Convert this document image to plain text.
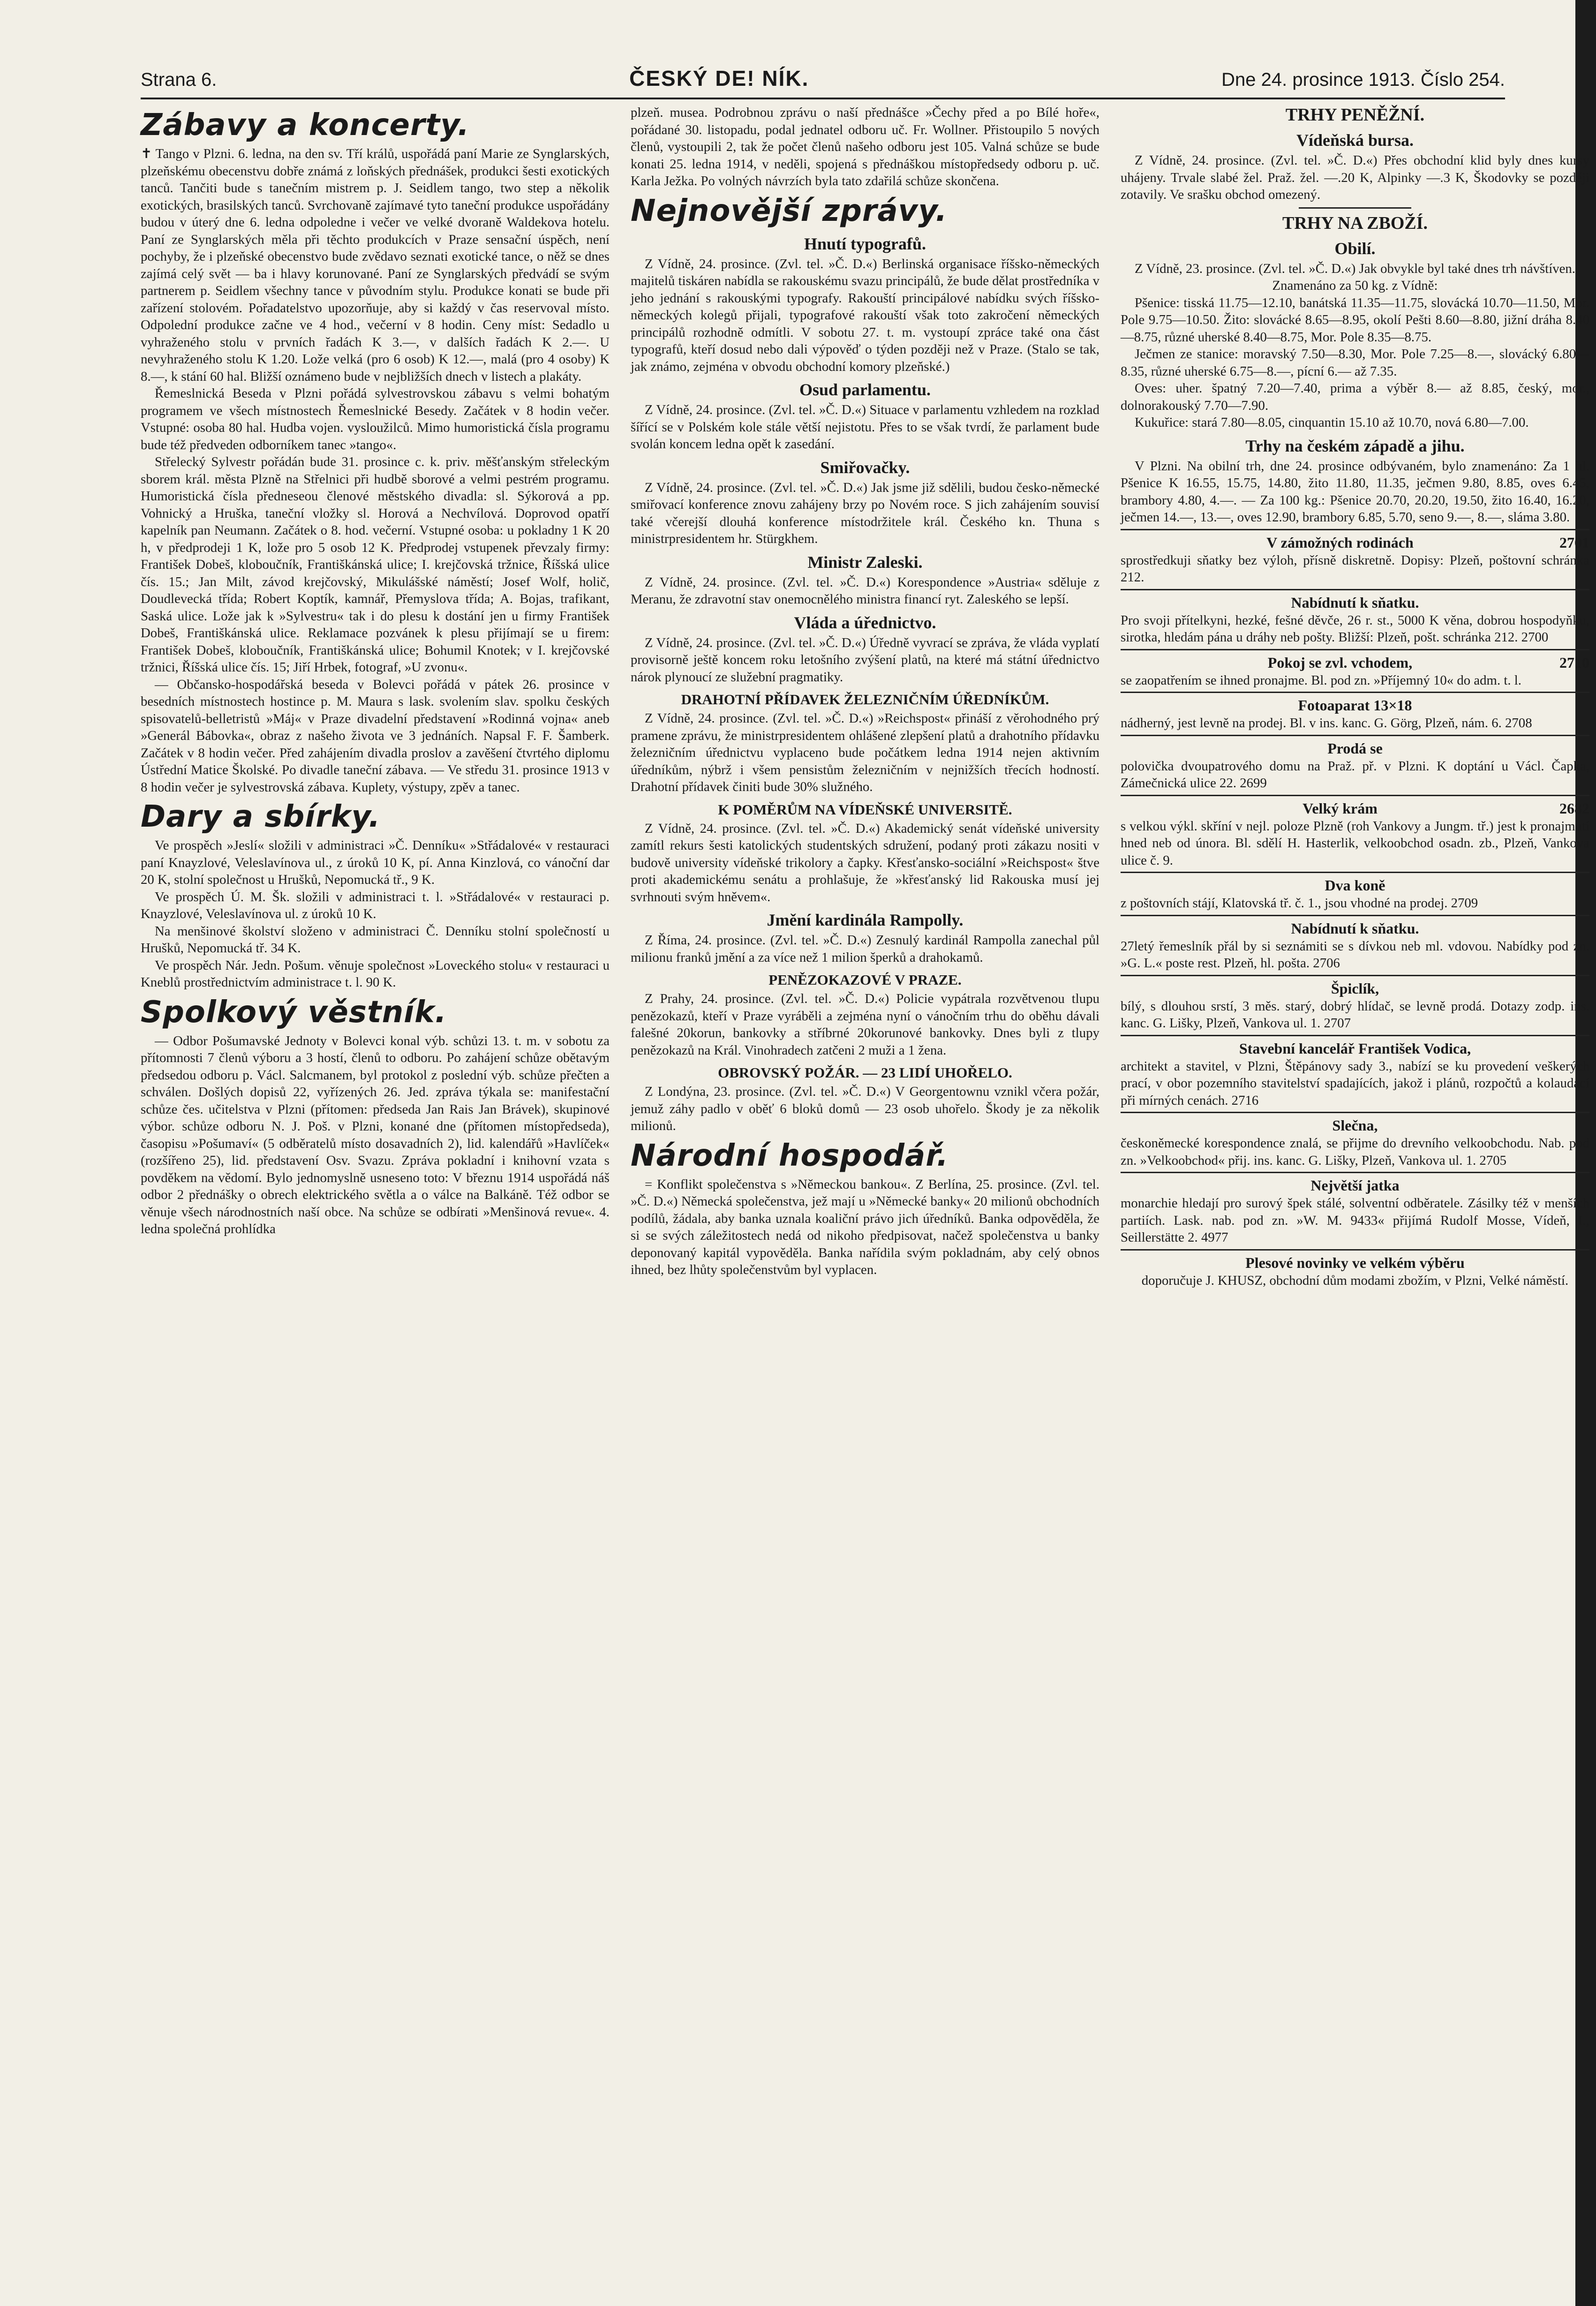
Strana 6.	ČESKÝ DE! NÍK.	Dne 24. prosince 1913. Číslo 254.
Zábavy a koncerty.

✝ Tango v Plzni. 6. ledna, na den sv. Tří králů, uspořádá paní Marie ze Synglarských, plzeňskému obecenstvu dobře známá z loňských přednášek, produkci šesti exotických tanců. Tančiti bude s tanečním mistrem p. J. Seidlem tango, two step a několik exotických, brasilských tanců. Svrchovaně zajímavé tyto taneční produkce uspořádány budou v úterý dne 6. ledna odpoledne i večer ve velké dvoraně Waldekova hotelu. Paní ze Synglarských měla při těchto produkcích v Praze sensační úspěch, není pochyby, že i plzeňské obecenstvo bude zvědavo seznati exotické tance, o něž se dnes zajímá celý svět — ba i hlavy korunované. Paní ze Synglarských předvádí se svým partnerem p. Seidlem všechny tance v původním stylu. Produkce konati se bude při zařízení stolovém. Pořadatelstvo upozorňuje, aby si každý v čas reservoval místo. Odpolední produkce začne ve 4 hod., večerní v 8 hodin. Ceny míst: Sedadlo u vyhraženého stolu v prvních řadách K 3.—, v dalších řadách K 2.—. U nevyhraženého stolu K 1.20. Lože velká (pro 6 osob) K 12.—, malá (pro 4 osoby) K 8.—, k stání 60 hal. Bližší oznámeno bude v nejbližších dnech v listech a plakáty.

Řemeslnická Beseda v Plzni pořádá sylvestrovskou zábavu s velmi bohatým programem ve všech místnostech Řemeslnické Besedy. Začátek v 8 hodin večer. Vstupné: osoba 80 hal. Hudba vojen. vysloužilců. Mimo humoristická čísla programu bude též předveden odborníkem tanec »tango«.

Střelecký Sylvestr pořádán bude 31. prosince c. k. priv. měšťanským střeleckým sborem král. města Plzně na Střelnici při hudbě sborové a velmi pestrém programu. Humoristická čísla předneseou členové městského divadla: sl. Sýkorová a pp. Vohnický a Hruška, taneční vložky sl. Horová a Nechvílová. Doprovod opatří kapelník pan Neumann. Začátek o 8. hod. večerní. Vstupné osoba: u pokladny 1 K 20 h, v předprodeji 1 K, lože pro 5 osob 12 K. Předprodej vstupenek převzaly firmy: František Dobeš, kloboučník, Františkánská ulice; I. krejčovská tržnice, Říšská ulice čís. 15.; Jan Milt, závod krejčovský, Mikulášské náměstí; Josef Wolf, holič, Doudlevecká třída; Robert Koptík, kamnář, Přemyslova třída; A. Bojas, trafikant, Saská ulice. Lože jak k »Sylvestru« tak i do plesu k dostání jen u firmy František Dobeš, Františkánská ulice. Reklamace pozvánek k plesu přijímají se u firem: František Dobeš, kloboučník, Františkánská ulice; Bohumil Knotek; v I. krejčovské tržnici, Říšská ulice čís. 15; Jiří Hrbek, fotograf, »U zvonu«.

— Občansko-hospodářská beseda v Bolevci pořádá v pátek 26. prosince v besedních místnostech hostince p. M. Maura s lask. svolením slav. spolku českých spisovatelů-belletristů »Máj« v Praze divadelní představení »Rodinná vojna« aneb »Generál Bábovka«, obraz z našeho života ve 3 jednáních. Napsal F. F. Šamberk. Začátek v 8 hodin večer. Před zahájením divadla proslov a zavěšení čtvrtého diplomu Ústřední Matice Školské. Po divadle taneční zábava. — Ve středu 31. prosince 1913 v 8 hodin večer je sylvestrovská zábava. Kuplety, výstupy, zpěv a tanec.

Dary a sbírky.

Ve prospěch »Jeslí« složili v administraci »Č. Denníku« »Střádalové« v restauraci paní Knayzlové, Veleslavínova ul., z úroků 10 K, pí. Anna Kinzlová, co vánoční dar 20 K, stolní společnost u Hrušků, Nepomucká tř., 9 K.

Ve prospěch Ú. M. Šk. složili v administraci t. l. »Střádalové« v restauraci p. Knayzlové, Veleslavínova ul. z úroků 10 K.

Na menšinové školství složeno v administraci Č. Denníku stolní společností u Hrušků, Nepomucká tř. 34 K.

Ve prospěch Nár. Jedn. Pošum. věnuje společnost »Loveckého stolu« v restauraci u Kneblů prostřednictvím administrace t. l. 90 K.

Spolkový věstník.

— Odbor Pošumavské Jednoty v Bolevci konal výb. schůzi 13. t. m. v sobotu za přítomnosti 7 členů výboru a 3 hostí, členů to odboru. Po zahájení schůze obětavým předsedou odboru p. Václ. Salcmanem, byl protokol z poslední výb. schůze přečten a schválen. Došlých dopisů 22, vyřízených 26. Jed. zpráva týkala se: manifestační schůze čes. učitelstva v Plzni (přítomen: předseda Jan Rais Jan Brávek), skupinové výbor. schůze odboru N. J. Poš. v Plzni, konané dne (přítomen místopředseda), časopisu »Pošumaví« (5 odběratelů místo dosavadních 2), lid. kalendářů »Havlíček« (rozšířeno 25), lid. představení Osv. Svazu. Zpráva pokladní i knihovní vzata s povděkem na vědomí. Bylo jednomyslně usneseno toto: V březnu 1914 uspořádá náš odbor 2 přednášky o obrech elektrického světla a o válce na Balkáně. Též odbor se věnuje všech národnostních naší obce. Na schůze se odbírati »Menšinová revue«. 4. ledna společná prohlídka

plzeň. musea. Podrobnou zprávu o naší přednášce »Čechy před a po Bílé hoře«, pořádané 30. listopadu, podal jednatel odboru uč. Fr. Wollner. Přistoupilo 5 nových členů, vystoupili 2, tak že počet členů našeho odboru jest 105. Valná schůze se bude konati 25. ledna 1914, v neděli, spojená s přednáškou místopředsedy odboru p. uč. Karla Ježka. Po volných návrzích byla tato zdařilá schůze skončena.

Nejnovější zprávy.
Hnutí typografů.

Z Vídně, 24. prosince. (Zvl. tel. »Č. D.«) Berlinská organisace říšsko-německých majitelů tiskáren nabídla se rakouskému svazu principálů, že bude dělat prostředníka v jeho jednání s rakouskými typografy. Rakouští principálové nabídku svých říšsko-německých kolegů přijali, typografové rakouští však toto zakročení německých principálů rozhodně odmítli. V sobotu 27. t. m. vystoupí zpráce také ona část typografů, kteří dosud nebo dali výpověď o týden později než v Praze. (Stalo se tak, jak známo, zejména v obvodu obchodní komory plzeňské.)

Osud parlamentu.

Z Vídně, 24. prosince. (Zvl. tel. »Č. D.«) Situace v parlamentu vzhledem na rozklad šířící se v Polském kole stále větší nejistotu. Přes to se však tvrdí, že parlament bude svolán koncem ledna opět k zasedání.

Smiřovačky.

Z Vídně, 24. prosince. (Zvl. tel. »Č. D.«) Jak jsme již sdělili, budou česko-německé smiřovací konference znovu zahájeny brzy po Novém roce. S jich zahájením souvisí také včerejší dlouhá konference místodržitele král. Českého kn. Thuna s ministrpresidentem hr. Stürgkhem.

Ministr Zaleski.

Z Vídně, 24. prosince. (Zvl. tel. »Č. D.«) Korespondence »Austria« sděluje z Meranu, že zdravotní stav onemocnělého ministra financí ryt. Zaleského se lepší.

Vláda a úřednictvo.

Z Vídně, 24. prosince. (Zvl. tel. »Č. D.«) Úředně vyvrací se zpráva, že vláda vyplatí provisorně ještě koncem roku letošního zvýšení platů, na které má státní úřednictvo nárok plynoucí ze služební pragmatiky.

DRAHOTNÍ PŘÍDAVEK ŽELEZNIČNÍM ÚŘEDNÍKŮM.

Z Vídně, 24. prosince. (Zvl. tel. »Č. D.«) »Reichspost« přináší z věrohodného prý pramene zprávu, že ministrpresidentem ohlášené zlepšení platů a drahotního přídavku železničním úřednictvu vyplaceno bude počátkem ledna 1914 nejen aktivním úředníkům, nýbrž i všem pensistům železničním v nejnižších třecích hodností. Drahotní přídavek činiti bude 30% služného.

K POMĚRŮM NA VÍDEŇSKÉ UNIVERSITĚ.

Z Vídně, 24. prosince. (Zvl. tel. »Č. D.«) Akademický senát vídeňské university zamítl rekurs šesti katolických studentských sdružení, podaný proti zákazu nositi v budově university vídeňské trikolory a čapky. Křesťansko-sociální »Reichspost« štve proti akademickému senátu a prohlašuje, že »křesťanský lid Rakouska musí jej svrhnouti svým hněvem«.

Jmění kardinála Rampolly.

Z Říma, 24. prosince. (Zvl. tel. »Č. D.«) Zesnulý kardinál Rampolla zanechal půl milionu franků jmění a za více než 1 milion šperků a drahokamů.

PENĚZOKAZOVÉ V PRAZE.

Z Prahy, 24. prosince. (Zvl. tel. »Č. D.«) Policie vypátrala rozvětvenou tlupu penězokazů, kteří v Praze vyráběli a zejména nyní o vánočním trhu do oběhu dávali falešné 20korun, bankovky a stříbrné 20korunové bankovky. Dnes byli z tlupy penězokazů na Král. Vinohradech zatčeni 2 muži a 1 žena.

OBROVSKÝ POŽÁR. — 23 LIDÍ UHOŘELO.

Z Londýna, 23. prosince. (Zvl. tel. »Č. D.«) V Georgentownu vznikl včera požár, jemuž záhy padlo v oběť 6 bloků domů — 23 osob uhořelo. Škody je za několik milionů.

Národní hospodář.

= Konflikt společenstva s »Německou bankou«. Z Berlína, 25. prosince. (Zvl. tel. »Č. D.«) Německá společenstva, jež mají u »Německé banky« 20 milionů obchodních podílů, žádala, aby banka uznala koaliční právo jich úředníků. Banka odpověděla, že si se svých záležitostech nedá od nikoho předpisovat, načež společenstva u banky deponovaný kapitál vypověděla. Banka nařídila svým pokladnám, aby celý obnos ihned, bez lhůty společenstvům byl vyplacen.

TRHY PENĚŽNÍ.
Vídeňská bursa.

Z Vídně, 24. prosince. (Zvl. tel. »Č. D.«) Přes obchodní klid byly dnes kursy uhájeny. Trvale slabé žel. Praž. žel. —.20 K, Alpinky —.3 K, Škodovky se později zotavily. Ve srašku obchod omezený.

TRHY NA ZBOŽÍ.
Obilí.

Z Vídně, 23. prosince. (Zvl. tel. »Č. D.«) Jak obvykle byl také dnes trh návštíven.

Znamenáno za 50 kg. z Vídně:

Pšenice: tisská 11.75—12.10, banátská 11.35—11.75, slovácká 10.70—11.50, Mor. Pole 9.75—10.50. Žito: slovácké 8.65—8.95, okolí Pešti 8.60—8.80, jižní dráha 8.40—8.75, různé uherské 8.40—8.75, Mor. Pole 8.35—8.75.

Ječmen ze stanice: moravský 7.50—8.30, Mor. Pole 7.25—8.—, slovácký 6.80—8.35, různé uherské 6.75—8.—, pícní 6.— až 7.35.

Oves: uher. špatný 7.20—7.40, prima a výběr 8.— až 8.85, český, mor., dolnorakouský 7.70—7.90.

Kukuřice: stará 7.80—8.05, cinquantin 15.10 až 10.70, nová 6.80—7.00.

Trhy na českém západě a jihu.

V Plzni. Na obilní trh, dne 24. prosince odbývaném, bylo znamenáno: Za 1 hl. Pšenice K 16.55, 15.75, 14.80, žito 11.80, 11.35, ječmen 9.80, 8.85, oves 6.45, brambory 4.80, 4.—. — Za 100 kg.: Pšenice 20.70, 20.20, 19.50, žito 16.40, 16.20, ječmen 14.—, 13.—, oves 12.90, brambory 6.85, 5.70, seno 9.—, 8.—, sláma 3.80.

V zámožných rodinách	2701

sprostředkuji sňatky bez výloh, přísně diskretně. Dopisy: Plzeň, poštovní schránka 212.

Nabídnutí k sňatku.

Pro svoji přítelkyni, hezké, fešné děvče, 26 r. st., 5000 K věna, dobrou hospodyňku, sirotka, hledám pána u dráhy neb pošty. Bližší: Plzeň, pošt. schránka 212. 2700

Pokoj se zvl. vchodem,	2710

se zaopatřením se ihned pronajme. Bl. pod zn. »Příjemný 10« do adm. t. l.

Fotoaparat 13×18

nádherný, jest levně na prodej. Bl. v ins. kanc. G. Görg, Plzeň, nám. 6. 2708

Prodá se

polovička dvoupatrového domu na Praž. př. v Plzni. K doptání u Václ. Čapka, Zámečnická ulice 22. 2699

Velký krám	2682

s velkou výkl. skříní v nejl. poloze Plzně (roh Vankovy a Jungm. tř.) jest k pronajmutí hned neb od února. Bl. sdělí H. Hasterlik, velkoobchod osadn. zb., Plzeň, Vankova ulice č. 9.

Dva koně

z poštovních stájí, Klatovská tř. č. 1., jsou vhodné na prodej. 2709

Nabídnutí k sňatku.

27letý řemeslník přál by si seznámiti se s dívkou neb ml. vdovou. Nabídky pod zn. »G. L.« poste rest. Plzeň, hl. pošta. 2706

Špiclík,

bílý, s dlouhou srstí, 3 měs. starý, dobrý hlídač, se levně prodá. Dotazy zodp. ins. kanc. G. Lišky, Plzeň, Vankova ul. 1. 2707

Stavební kancelář František Vodica,

architekt a stavitel, v Plzni, Štěpánovy sady 3., nabízí se ku provedení veškerých prací, v obor pozemního stavitelství spadajících, jakož i plánů, rozpočtů a kolaudací při mírných cenách. 2716

Slečna,

českoněmecké korespondence znalá, se přijme do drevního velkoobchodu. Nab. pod zn. »Velkoobchod« přij. ins. kanc. G. Lišky, Plzeň, Vankova ul. 1. 2705

Největší jatka

monarchie hledají pro surový špek stálé, solventní odběratele. Zásilky též v menších partiích. Lask. nab. pod zn. »W. M. 9433« přijímá Rudolf Mosse, Vídeň, I., Seillerstätte 2. 4977

Plesové novinky ve velkém výběru

doporučuje J. KHUSZ, obchodní dům modami zbožím, v Plzni, Velké náměstí.
